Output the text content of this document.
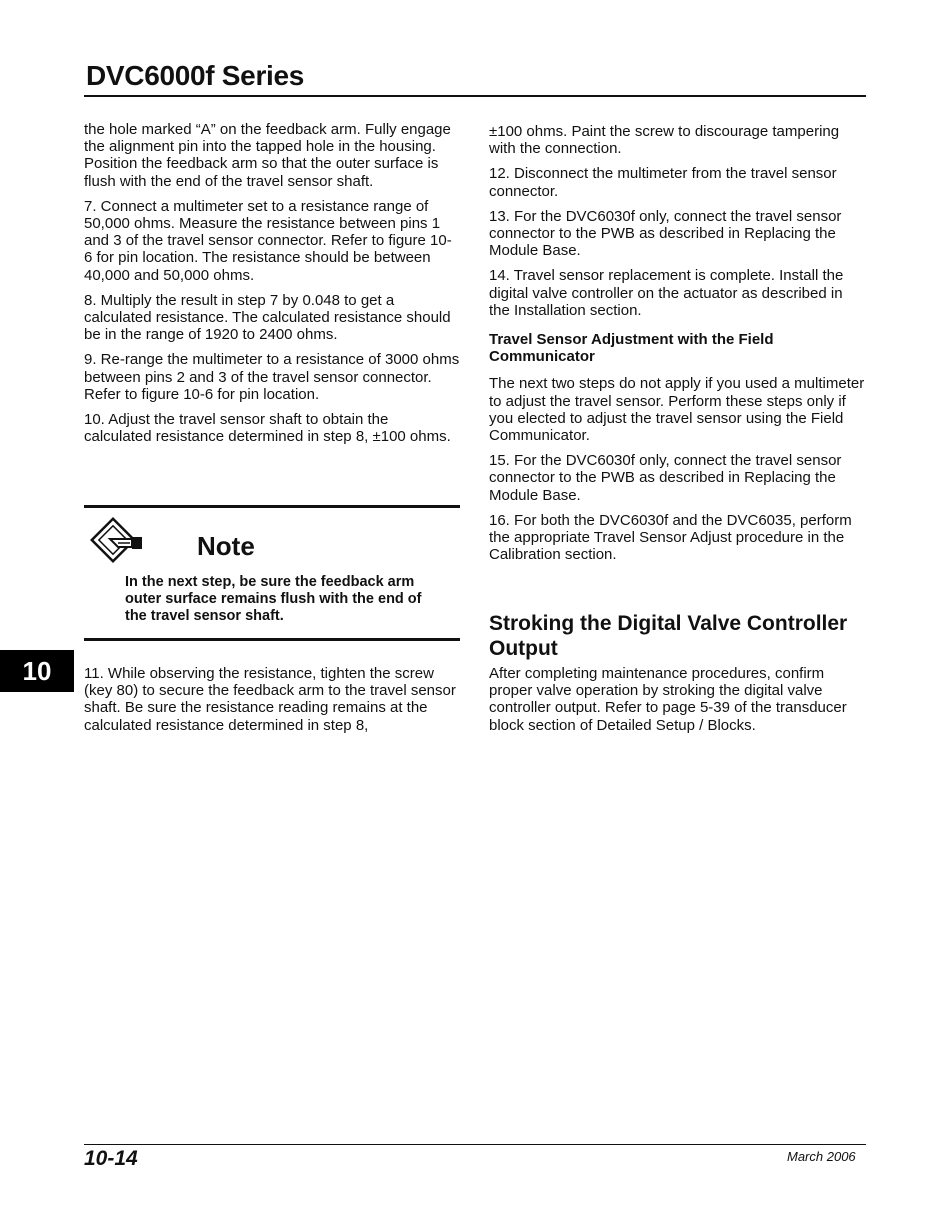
DVC6000f Series

the hole marked “A” on the feedback arm. Fully engage the alignment pin into the tapped hole in the housing. Position the feedback arm so that the outer surface is flush with the end of the travel sensor shaft.

7. Connect a multimeter set to a resistance range of 50,000 ohms. Measure the resistance between pins 1 and 3 of the travel sensor connector. Refer to figure 10-6 for pin location. The resistance should be between 40,000 and 50,000 ohms.

8. Multiply the result in step 7 by 0.048 to get a calculated resistance. The calculated resistance should be in the range of 1920 to 2400 ohms.

9. Re-range the multimeter to a resistance of 3000 ohms between pins 2 and 3 of the travel sensor connector. Refer to figure 10-6 for pin location.

10. Adjust the travel sensor shaft to obtain the calculated resistance determined in step 8, ±100 ohms.

Note
In the next step, be sure the feedback arm outer surface remains flush with the end of the travel sensor shaft.
10	11. While observing the resistance, tighten the screw (key 80) to secure the feedback arm to the travel sensor shaft. Be sure the resistance reading remains at the calculated resistance determined in step 8,

±100 ohms. Paint the screw to discourage tampering with the connection.

12. Disconnect the multimeter from the travel sensor connector.

13. For the DVC6030f only, connect the travel sensor connector to the PWB as described in Replacing the Module Base.

14. Travel sensor replacement is complete. Install the digital valve controller on the actuator as described in the Installation section.

Travel Sensor Adjustment with the Field Communicator

The next two steps do not apply if you used a multimeter to adjust the travel sensor. Perform these steps only if you elected to adjust the travel sensor using the Field Communicator.

15. For the DVC6030f only, connect the travel sensor connector to the PWB as described in Replacing the Module Base.

16. For both the DVC6030f and the DVC6035, perform the appropriate Travel Sensor Adjust procedure in the Calibration section.

Stroking the Digital Valve Controller Output

After completing maintenance procedures, confirm proper valve operation by stroking the digital valve controller output. Refer to page 5-39 of the transducer block section of Detailed Setup / Blocks.

10-14	March 2006
